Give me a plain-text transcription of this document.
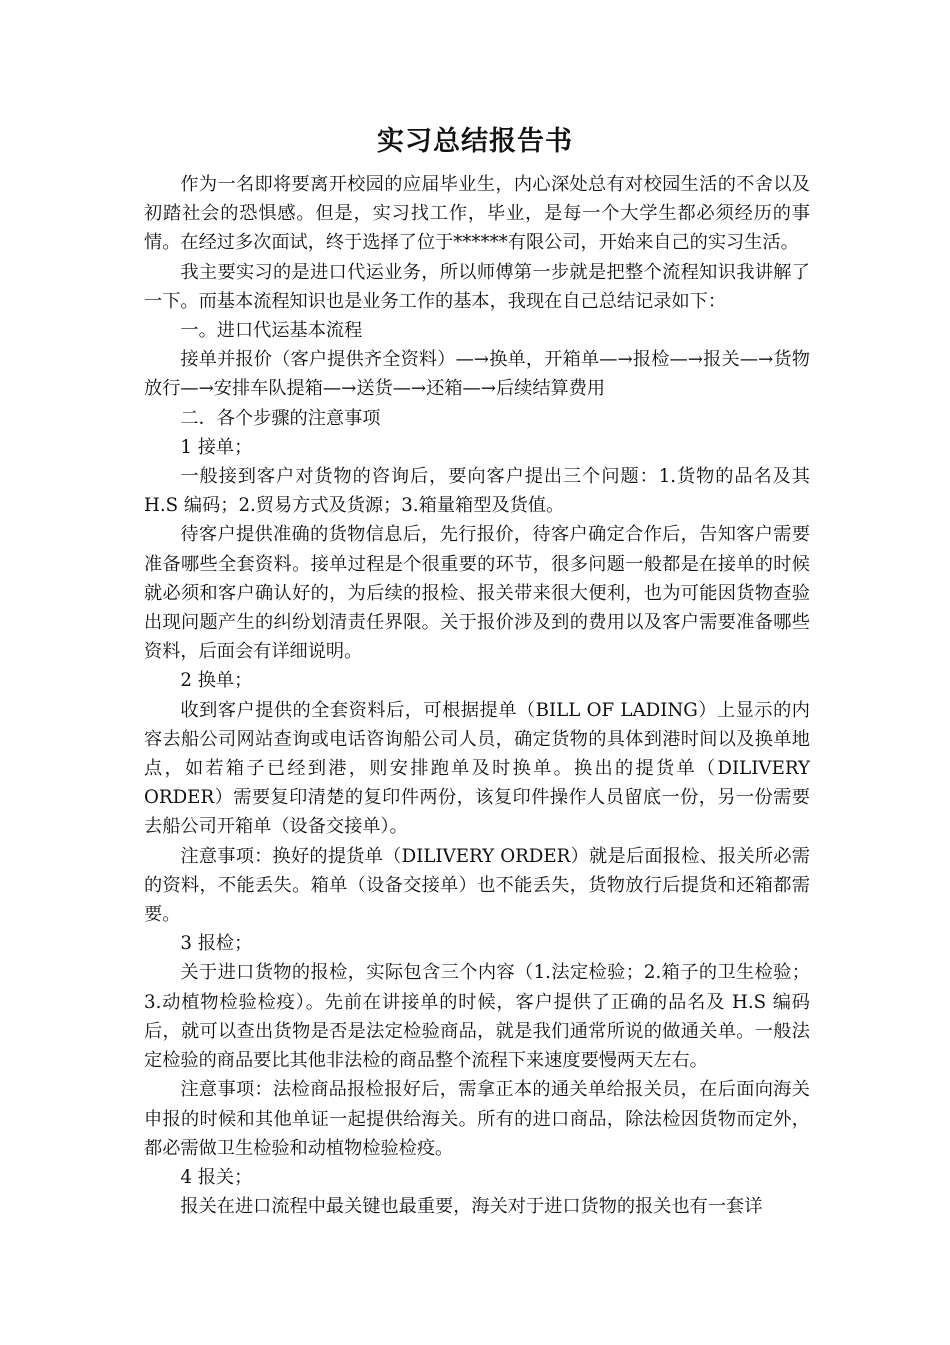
实习总结报告书

作为一名即将要离开校园的应届毕业生，内心深处总有对校园生活的不舍以及初踏社会的恐惧感。但是，实习找工作，毕业，是每一个大学生都必须经历的事情。在经过多次面试，终于选择了位于******有限公司，开始来自己的实习生活。

我主要实习的是进口代运业务，所以师傅第一步就是把整个流程知识我讲解了一下。而基本流程知识也是业务工作的基本，我现在自己总结记录如下：

一。进口代运基本流程

接单并报价（客户提供齐全资料）—→换单，开箱单—→报检—→报关—→货物放行—→安排车队提箱—→送货—→还箱—→后续结算费用

二．各个步骤的注意事项

1 接单；

一般接到客户对货物的咨询后，要向客户提出三个问题：1.货物的品名及其 H.S 编码；2.贸易方式及货源；3.箱量箱型及货值。

待客户提供准确的货物信息后，先行报价，待客户确定合作后，告知客户需要准备哪些全套资料。接单过程是个很重要的环节，很多问题一般都是在接单的时候就必须和客户确认好的，为后续的报检、报关带来很大便利，也为可能因货物查验出现问题产生的纠纷划清责任界限。关于报价涉及到的费用以及客户需要准备哪些资料，后面会有详细说明。

2 换单；

收到客户提供的全套资料后，可根据提单（BILL OF LADING）上显示的内容去船公司网站查询或电话咨询船公司人员，确定货物的具体到港时间以及换单地点，如若箱子已经到港，则安排跑单及时换单。换出的提货单（DILIVERY ORDER）需要复印清楚的复印件两份，该复印件操作人员留底一份，另一份需要去船公司开箱单（设备交接单）。

注意事项：换好的提货单（DILIVERY ORDER）就是后面报检、报关所必需的资料，不能丢失。箱单（设备交接单）也不能丢失，货物放行后提货和还箱都需要。

3 报检；

关于进口货物的报检，实际包含三个内容（1.法定检验；2.箱子的卫生检验；3.动植物检验检疫）。先前在讲接单的时候，客户提供了正确的品名及 H.S 编码后，就可以查出货物是否是法定检验商品，就是我们通常所说的做通关单。一般法定检验的商品要比其他非法检的商品整个流程下来速度要慢两天左右。

注意事项：法检商品报检报好后，需拿正本的通关单给报关员，在后面向海关申报的时候和其他单证一起提供给海关。所有的进口商品，除法检因货物而定外，都必需做卫生检验和动植物检验检疫。

4 报关；

报关在进口流程中最关键也最重要，海关对于进口货物的报关也有一套详
